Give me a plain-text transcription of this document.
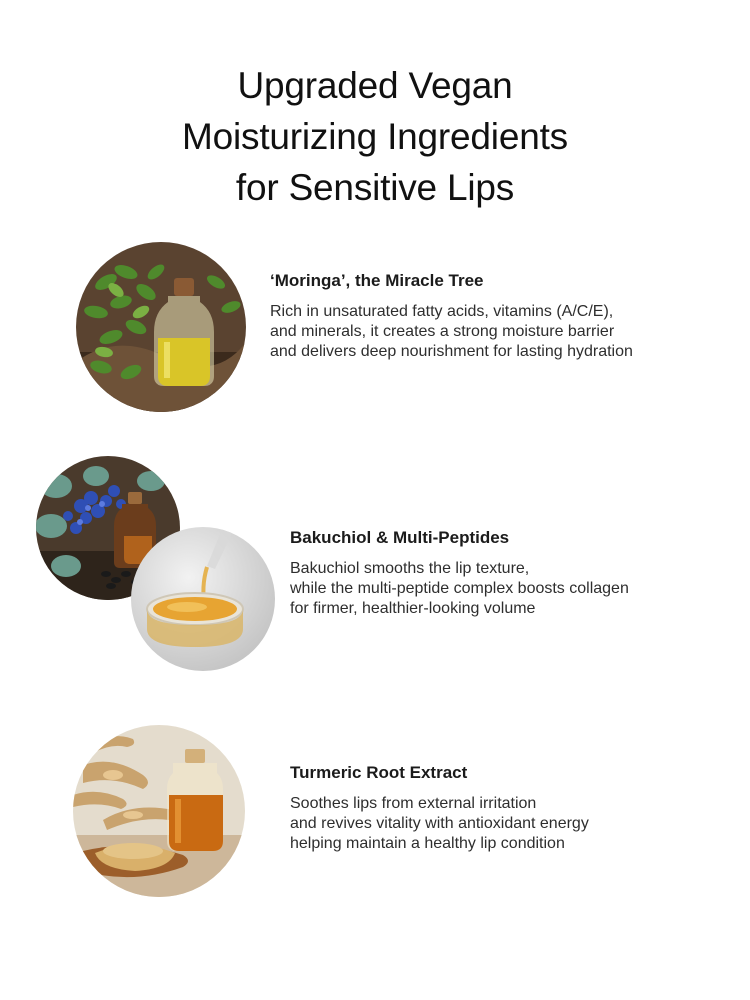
Upgraded Vegan
Moisturizing Ingredients
for Sensitive Lips
‘Moringa’, the Miracle Tree

Rich in unsaturated fatty acids, vitamins (A/C/E),
and minerals, it creates a strong moisture barrier
and delivers deep nourishment for lasting hydration

Bakuchiol & Multi-Peptides

Bakuchiol smooths the lip texture,
while the multi-peptide complex boosts collagen
for firmer, healthier-looking volume

Turmeric Root Extract

Soothes lips from external irritation
and revives vitality with antioxidant energy
helping maintain a healthy lip condition
